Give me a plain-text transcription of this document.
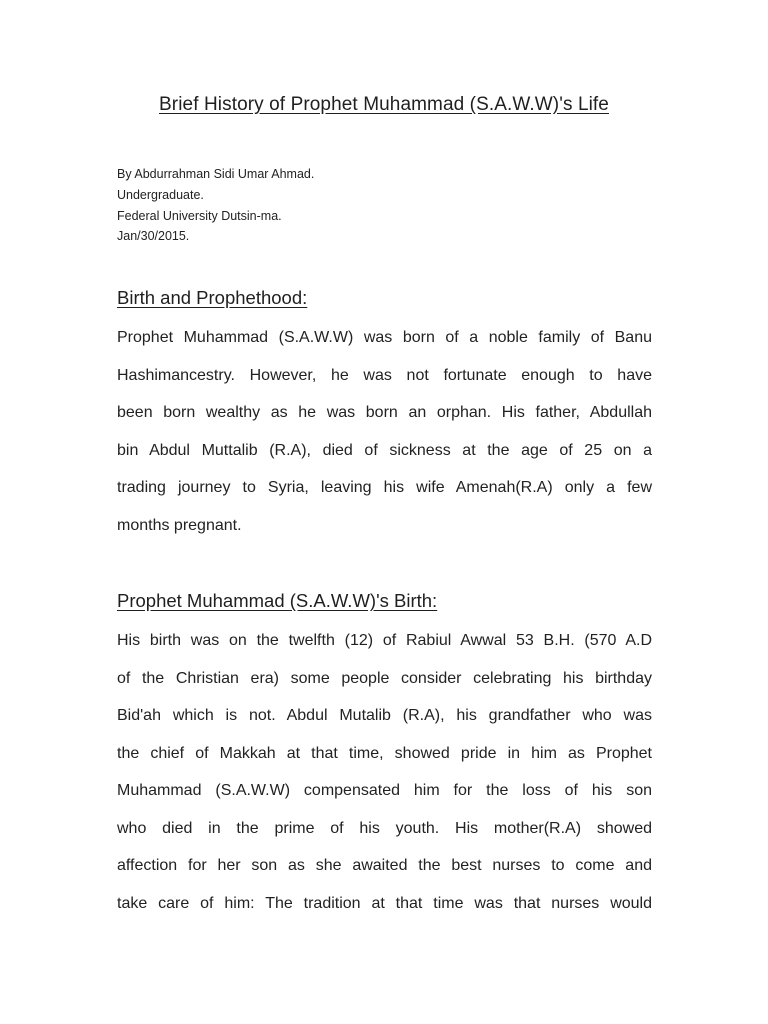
Brief History of Prophet Muhammad (S.A.W.W)'s Life
By Abdurrahman Sidi Umar Ahmad.
Undergraduate.
Federal University Dutsin-ma.
Jan/30/2015.
Birth and Prophethood:
Prophet Muhammad (S.A.W.W) was born of a noble family of Banu
Hashimancestry. However, he was not fortunate enough to have
been born wealthy as he was born an orphan. His father, Abdullah
bin Abdul Muttalib (R.A), died of sickness at the age of 25 on a
trading journey to Syria, leaving his wife Amenah(R.A) only a few
months pregnant.
Prophet Muhammad (S.A.W.W)'s Birth:
His birth was on the twelfth (12) of Rabiul Awwal 53 B.H. (570 A.D
of the Christian era) some people consider celebrating his birthday
Bid'ah which is not. Abdul Mutalib (R.A), his grandfather who was
the chief of Makkah at that time, showed pride in him as Prophet
Muhammad (S.A.W.W) compensated him for the loss of his son
who died in the prime of his youth. His mother(R.A) showed
affection for her son as she awaited the best nurses to come and
take care of him: The tradition at that time was that nurses would
